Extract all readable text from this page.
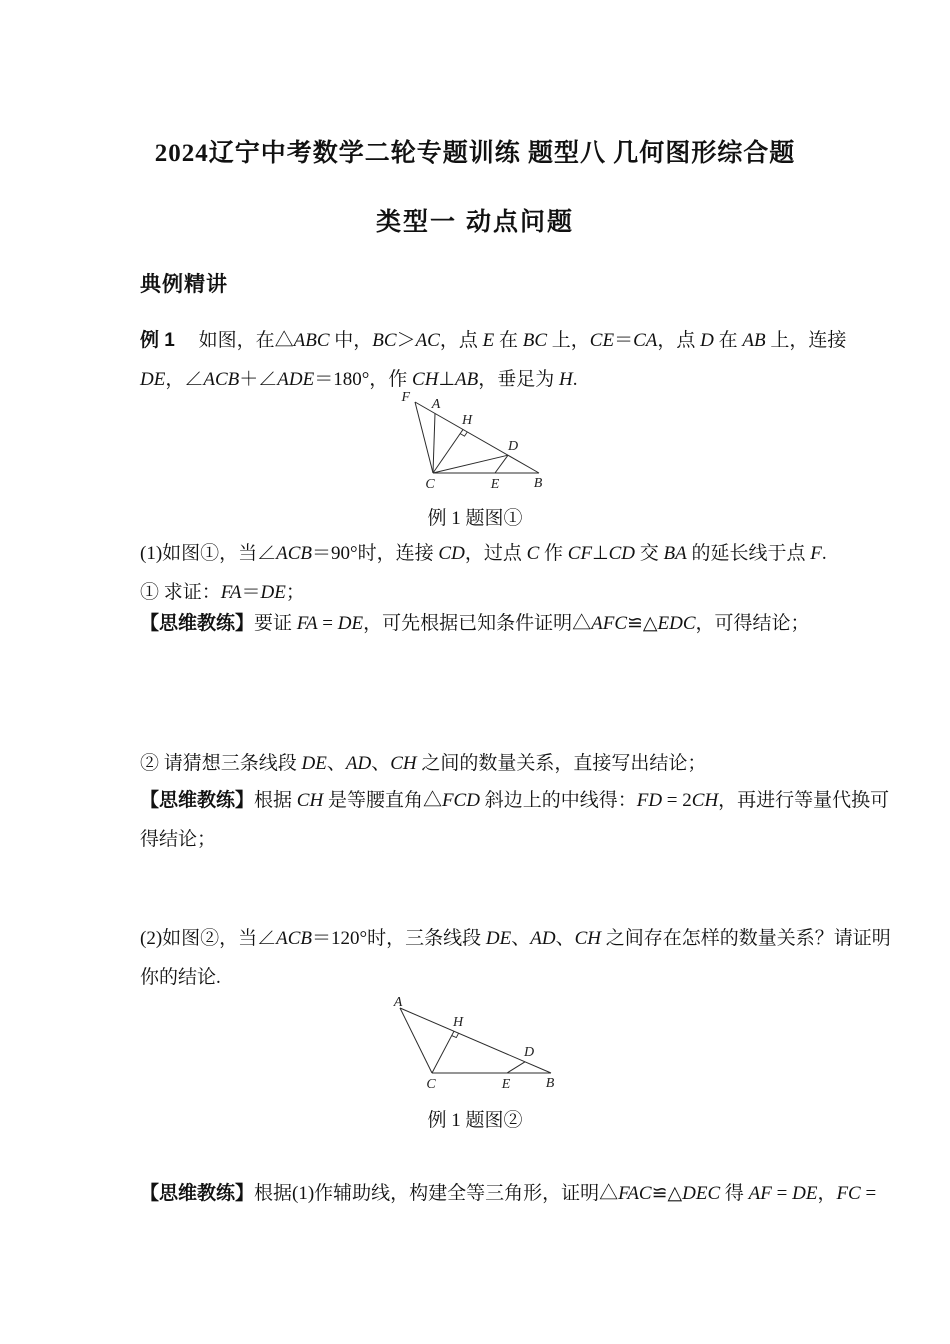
2024辽宁中考数学二轮专题训练 题型八 几何图形综合题
类型一 动点问题
典例精讲
例 1　 如图，在△ABC 中，BC＞AC，点 E 在 BC 上，CE＝CA，点 D 在 AB 上，连接
DE，∠ACB＋∠ADE＝180°，作 CH⊥AB，垂足为 H.
F A
H
D
C	E B
例 1 题图①
(1)如图①，当∠ACB＝90°时，连接 CD，过点 C 作 CF⊥CD 交 BA 的延长线于点 F.
① 求证：FA＝DE；
【思维教练】要证 FA = DE，可先根据已知条件证明△AFC≌△EDC，可得结论；
② 请猜想三条线段 DE、AD、CH 之间的数量关系，直接写出结论；
【思维教练】根据 CH 是等腰直角△FCD 斜边上的中线得：FD = 2CH，再进行等量代换可
得结论；
(2)如图②，当∠ACB＝120°时，三条线段 DE、AD、CH 之间存在怎样的数量关系？请证明
你的结论.
A
H
D
C	E	B
例 1 题图②
【思维教练】根据(1)作辅助线，构建全等三角形，证明△FAC≌△DEC 得 AF = DE，FC =
